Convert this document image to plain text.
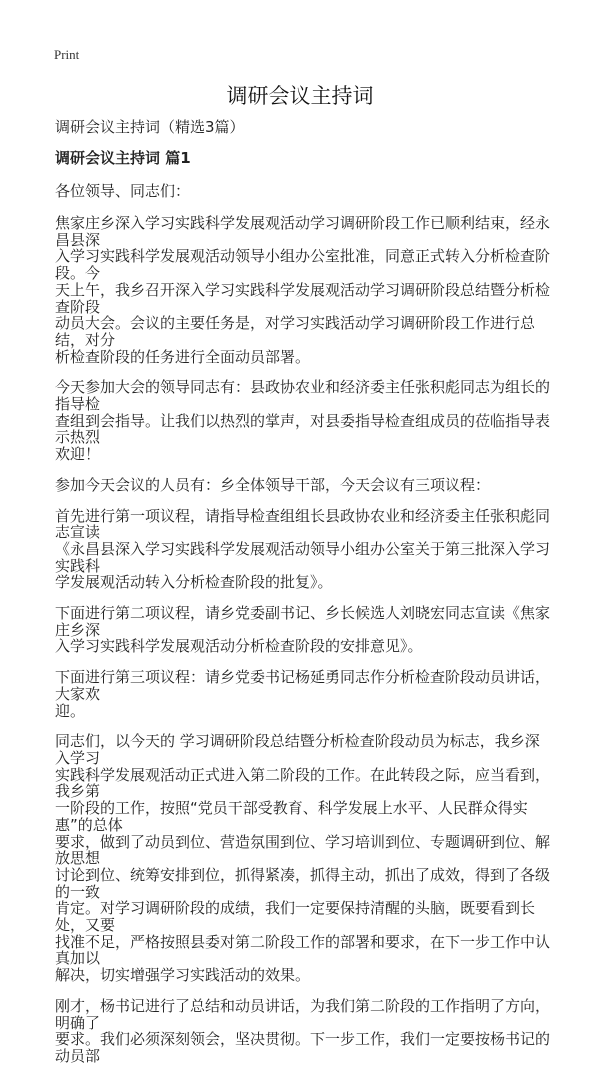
Print
调研会议主持词
调研会议主持词（精选3篇）
调研会议主持词 篇1
各位领导、同志们：
焦家庄乡深入学习实践科学发展观活动学习调研阶段工作已顺利结束，经永昌县深
入学习实践科学发展观活动领导小组办公室批准，同意正式转入分析检查阶段。今
天上午，我乡召开深入学习实践科学发展观活动学习调研阶段总结暨分析检查阶段
动员大会。会议的主要任务是，对学习实践活动学习调研阶段工作进行总结，对分
析检查阶段的任务进行全面动员部署。
今天参加大会的领导同志有：县政协农业和经济委主任张积彪同志为组长的指导检
查组到会指导。让我们以热烈的掌声，对县委指导检查组成员的莅临指导表示热烈
欢迎！
参加今天会议的人员有：乡全体领导干部，今天会议有三项议程：
首先进行第一项议程，请指导检查组组长县政协农业和经济委主任张积彪同志宣读
《永昌县深入学习实践科学发展观活动领导小组办公室关于第三批深入学习实践科
学发展观活动转入分析检查阶段的批复》。
下面进行第二项议程，请乡党委副书记、乡长候选人刘晓宏同志宣读《焦家庄乡深
入学习实践科学发展观活动分析检查阶段的安排意见》。
下面进行第三项议程：请乡党委书记杨延勇同志作分析检查阶段动员讲话，大家欢
迎。
同志们，以今天的 学习调研阶段总结暨分析检查阶段动员为标志，我乡深入学习
实践科学发展观活动正式进入第二阶段的工作。在此转段之际，应当看到，我乡第
一阶段的工作，按照“党员干部受教育、科学发展上水平、人民群众得实惠”的总体
要求，做到了动员到位、营造氛围到位、学习培训到位、专题调研到位、解放思想
讨论到位、统筹安排到位，抓得紧凑，抓得主动，抓出了成效，得到了各级的一致
肯定。对学习调研阶段的成绩，我们一定要保持清醒的头脑，既要看到长处，又要
找准不足，严格按照县委对第二阶段工作的部署和要求，在下一步工作中认真加以
解决，切实增强学习实践活动的效果。
刚才，杨书记进行了总结和动员讲话，为我们第二阶段的工作指明了方向，明确了
要求。我们必须深刻领会，坚决贯彻。下一步工作，我们一定要按杨书记的动员部
